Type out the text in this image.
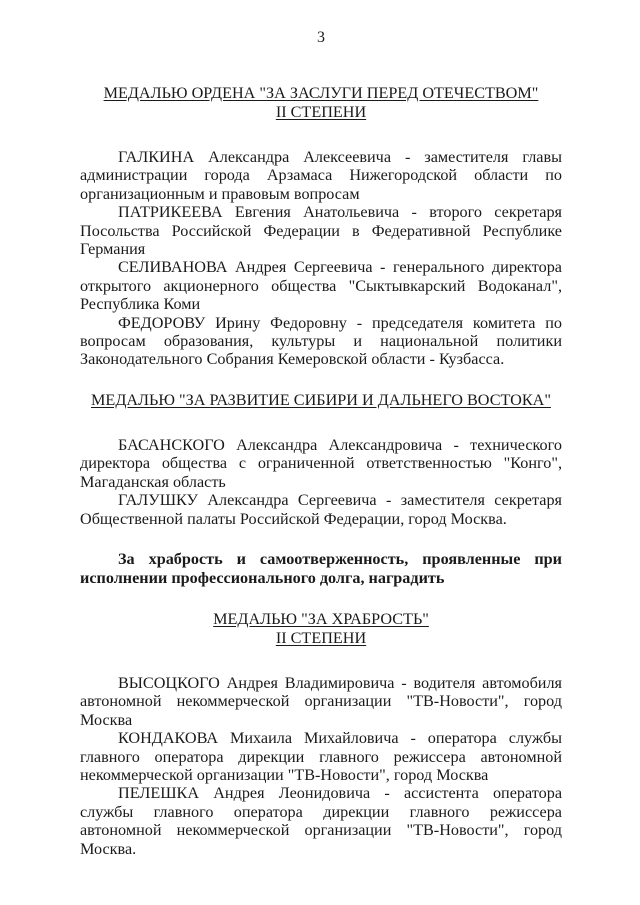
3
МЕДАЛЬЮ ОРДЕНА "ЗА ЗАСЛУГИ ПЕРЕД ОТЕЧЕСТВОМ"
II СТЕПЕНИ

ГАЛКИНА Александра Алексеевича - заместителя главы администрации города Арзамаса Нижегородской области по организационным и правовым вопросам

ПАТРИКЕЕВА Евгения Анатольевича - второго секретаря Посольства Российской Федерации в Федеративной Республике Германия

СЕЛИВАНОВА Андрея Сергеевича - генерального директора открытого акционерного общества "Сыктывкарский Водоканал", Республика Коми

ФЕДОРОВУ Ирину Федоровну - председателя комитета по вопросам образования, культуры и национальной политики Законодательного Собрания Кемеровской области - Кузбасса.

МЕДАЛЬЮ "ЗА РАЗВИТИЕ СИБИРИ И ДАЛЬНЕГО ВОСТОКА"

БАСАНСКОГО Александра Александровича - технического директора общества с ограниченной ответственностью "Конго", Магаданская область

ГАЛУШКУ Александра Сергеевича - заместителя секретаря Общественной палаты Российской Федерации, город Москва.

За храбрость и самоотверженность, проявленные при исполнении профессионального долга, наградить

МЕДАЛЬЮ "ЗА ХРАБРОСТЬ"
II СТЕПЕНИ

ВЫСОЦКОГО Андрея Владимировича - водителя автомобиля автономной некоммерческой организации "ТВ-Новости", город Москва

КОНДАКОВА Михаила Михайловича - оператора службы главного оператора дирекции главного режиссера автономной некоммерческой организации "ТВ-Новости", город Москва

ПЕЛЕШКА Андрея Леонидовича - ассистента оператора службы главного оператора дирекции главного режиссера автономной некоммерческой организации "ТВ-Новости", город Москва.
